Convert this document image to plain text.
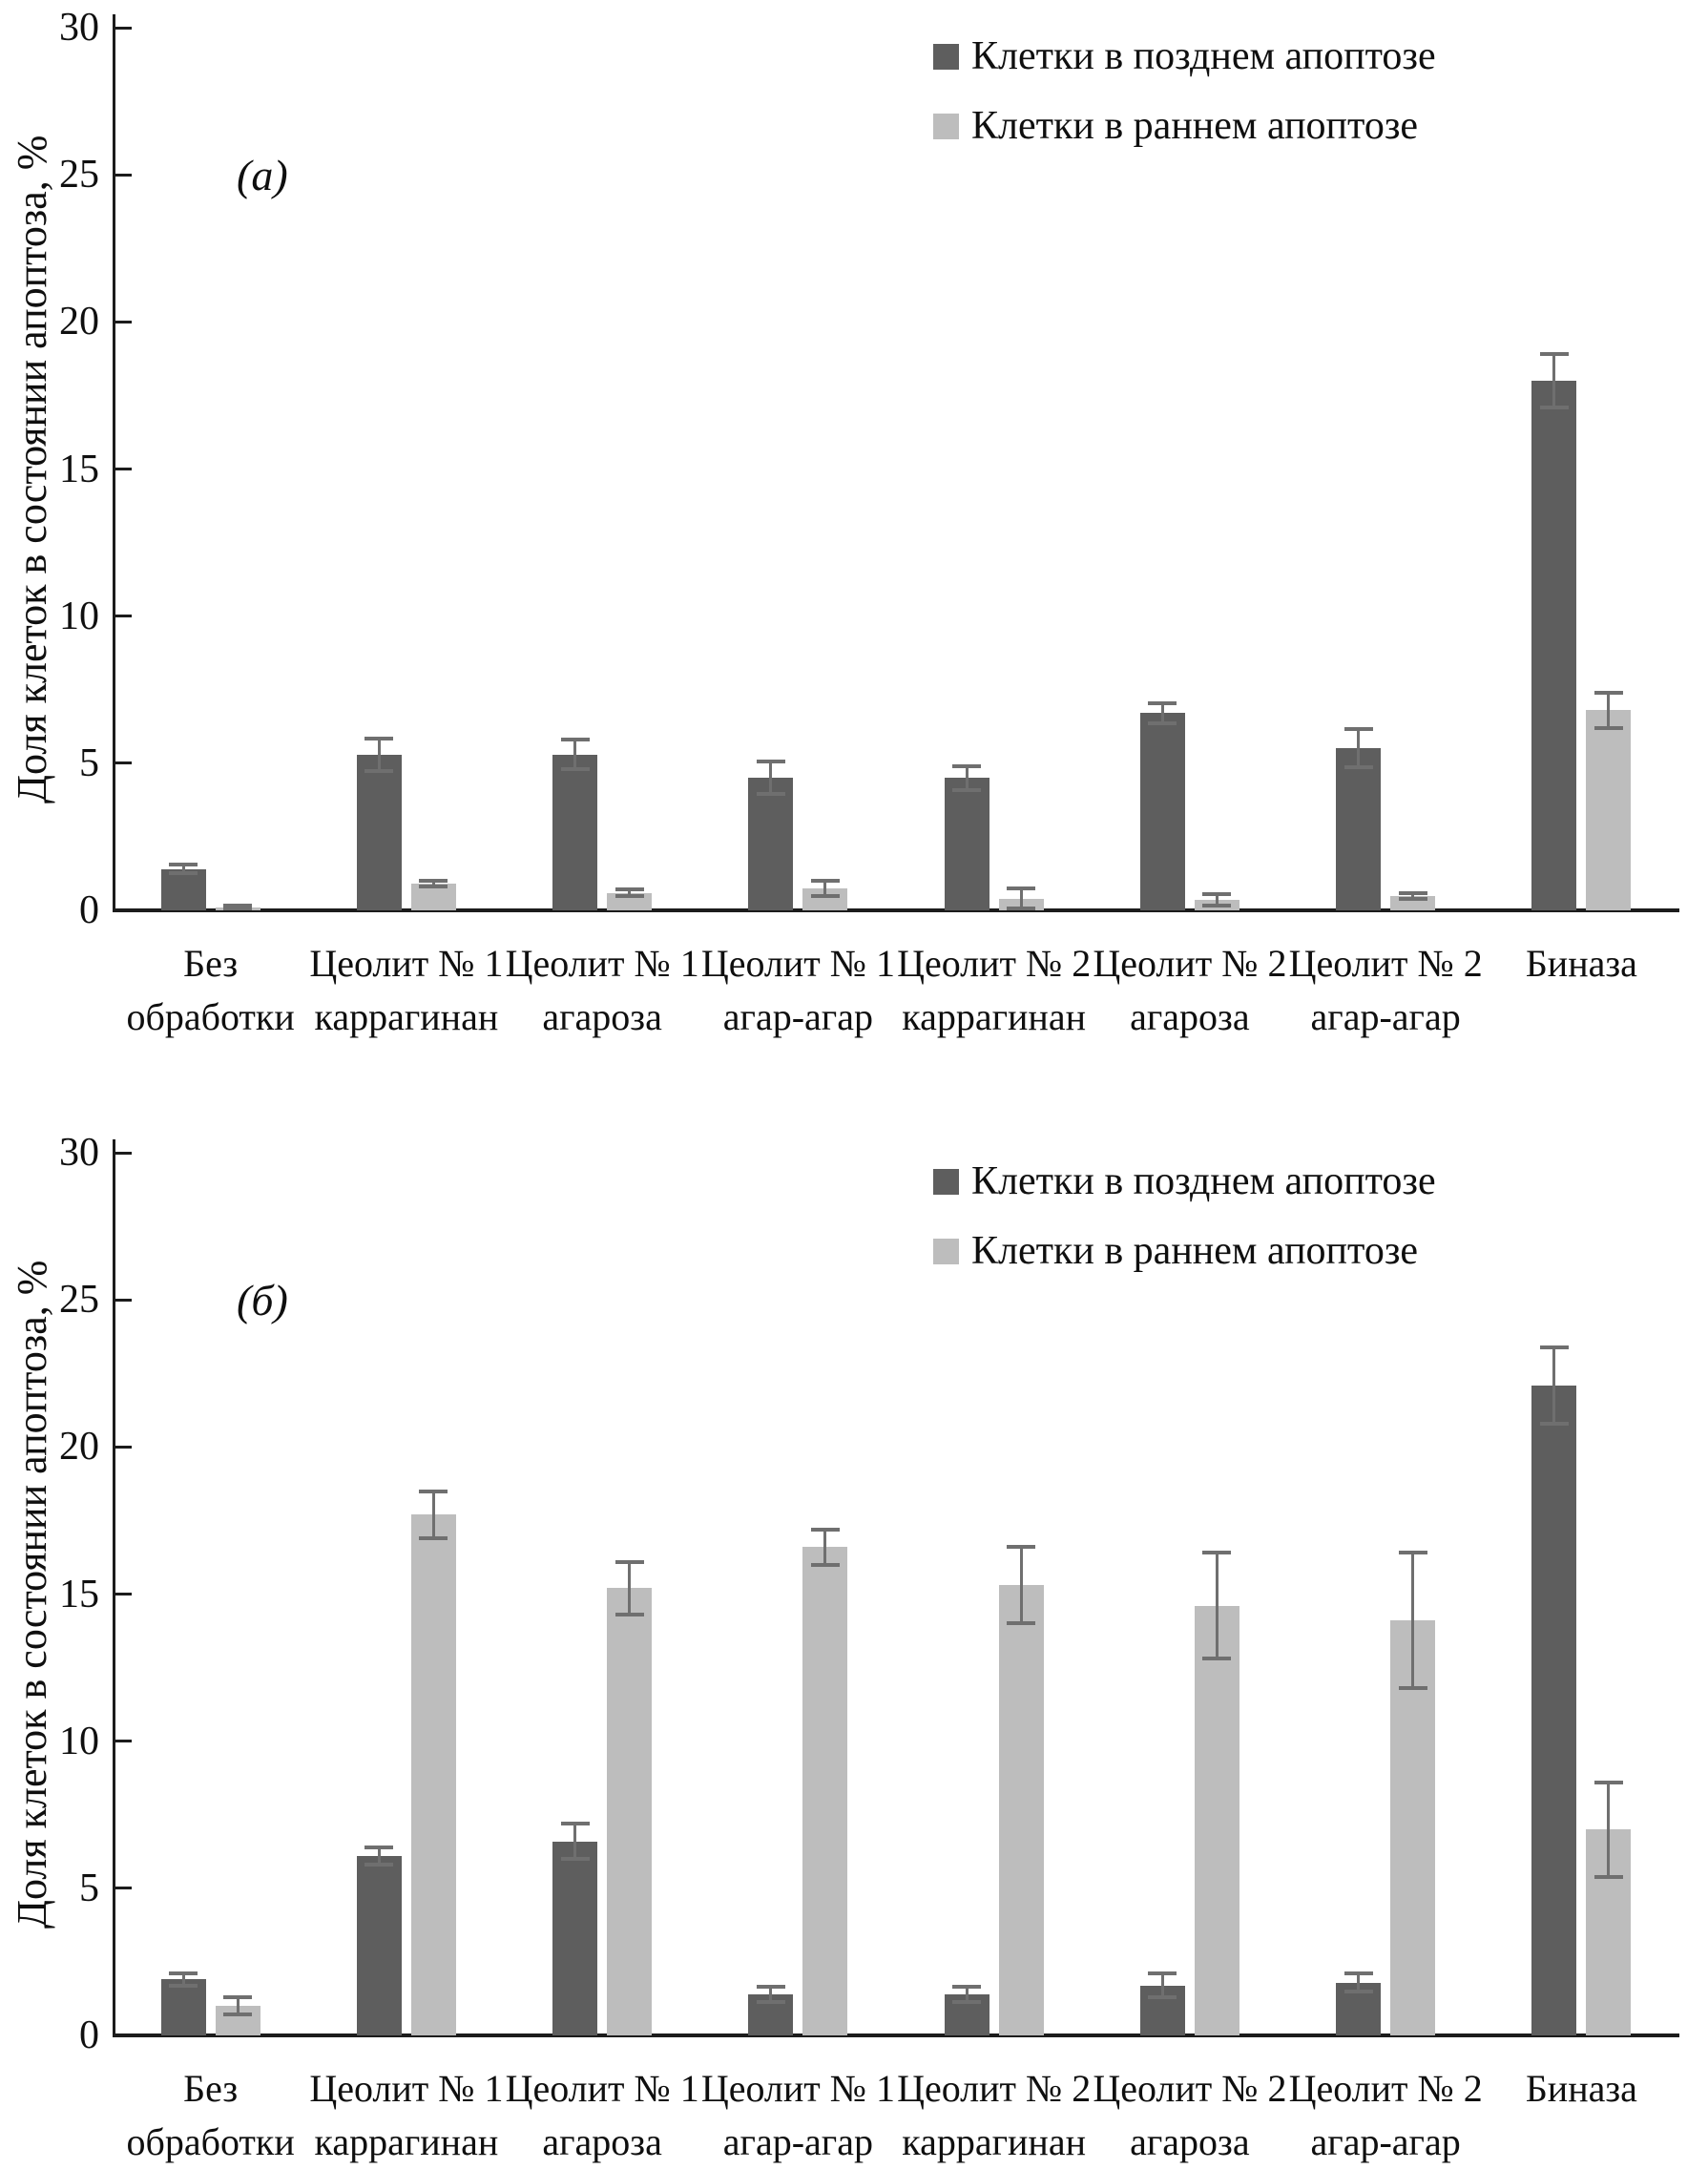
Доля клеток в состоянии апоптоза, %
30
25
20
15
10
5
0
(а)
Клетки в позднем апоптозе
Клетки в раннем апоптозе
Без
обработки
Цеолит № 1
каррагинан
Цеолит № 1
агароза
Цеолит № 1
агар-агар
Цеолит № 2
каррагинан
Цеолит № 2
агароза
Цеолит № 2
агар-агар
Биназа
Доля клеток в состоянии апоптоза, %
30
25
20
15
10
5
0
(б)
Клетки в позднем апоптозе
Клетки в раннем апоптозе
Без
обработки
Цеолит № 1
каррагинан
Цеолит № 1
агароза
Цеолит № 1
агар-агар
Цеолит № 2
каррагинан
Цеолит № 2
агароза
Цеолит № 2
агар-агар
Биназа
